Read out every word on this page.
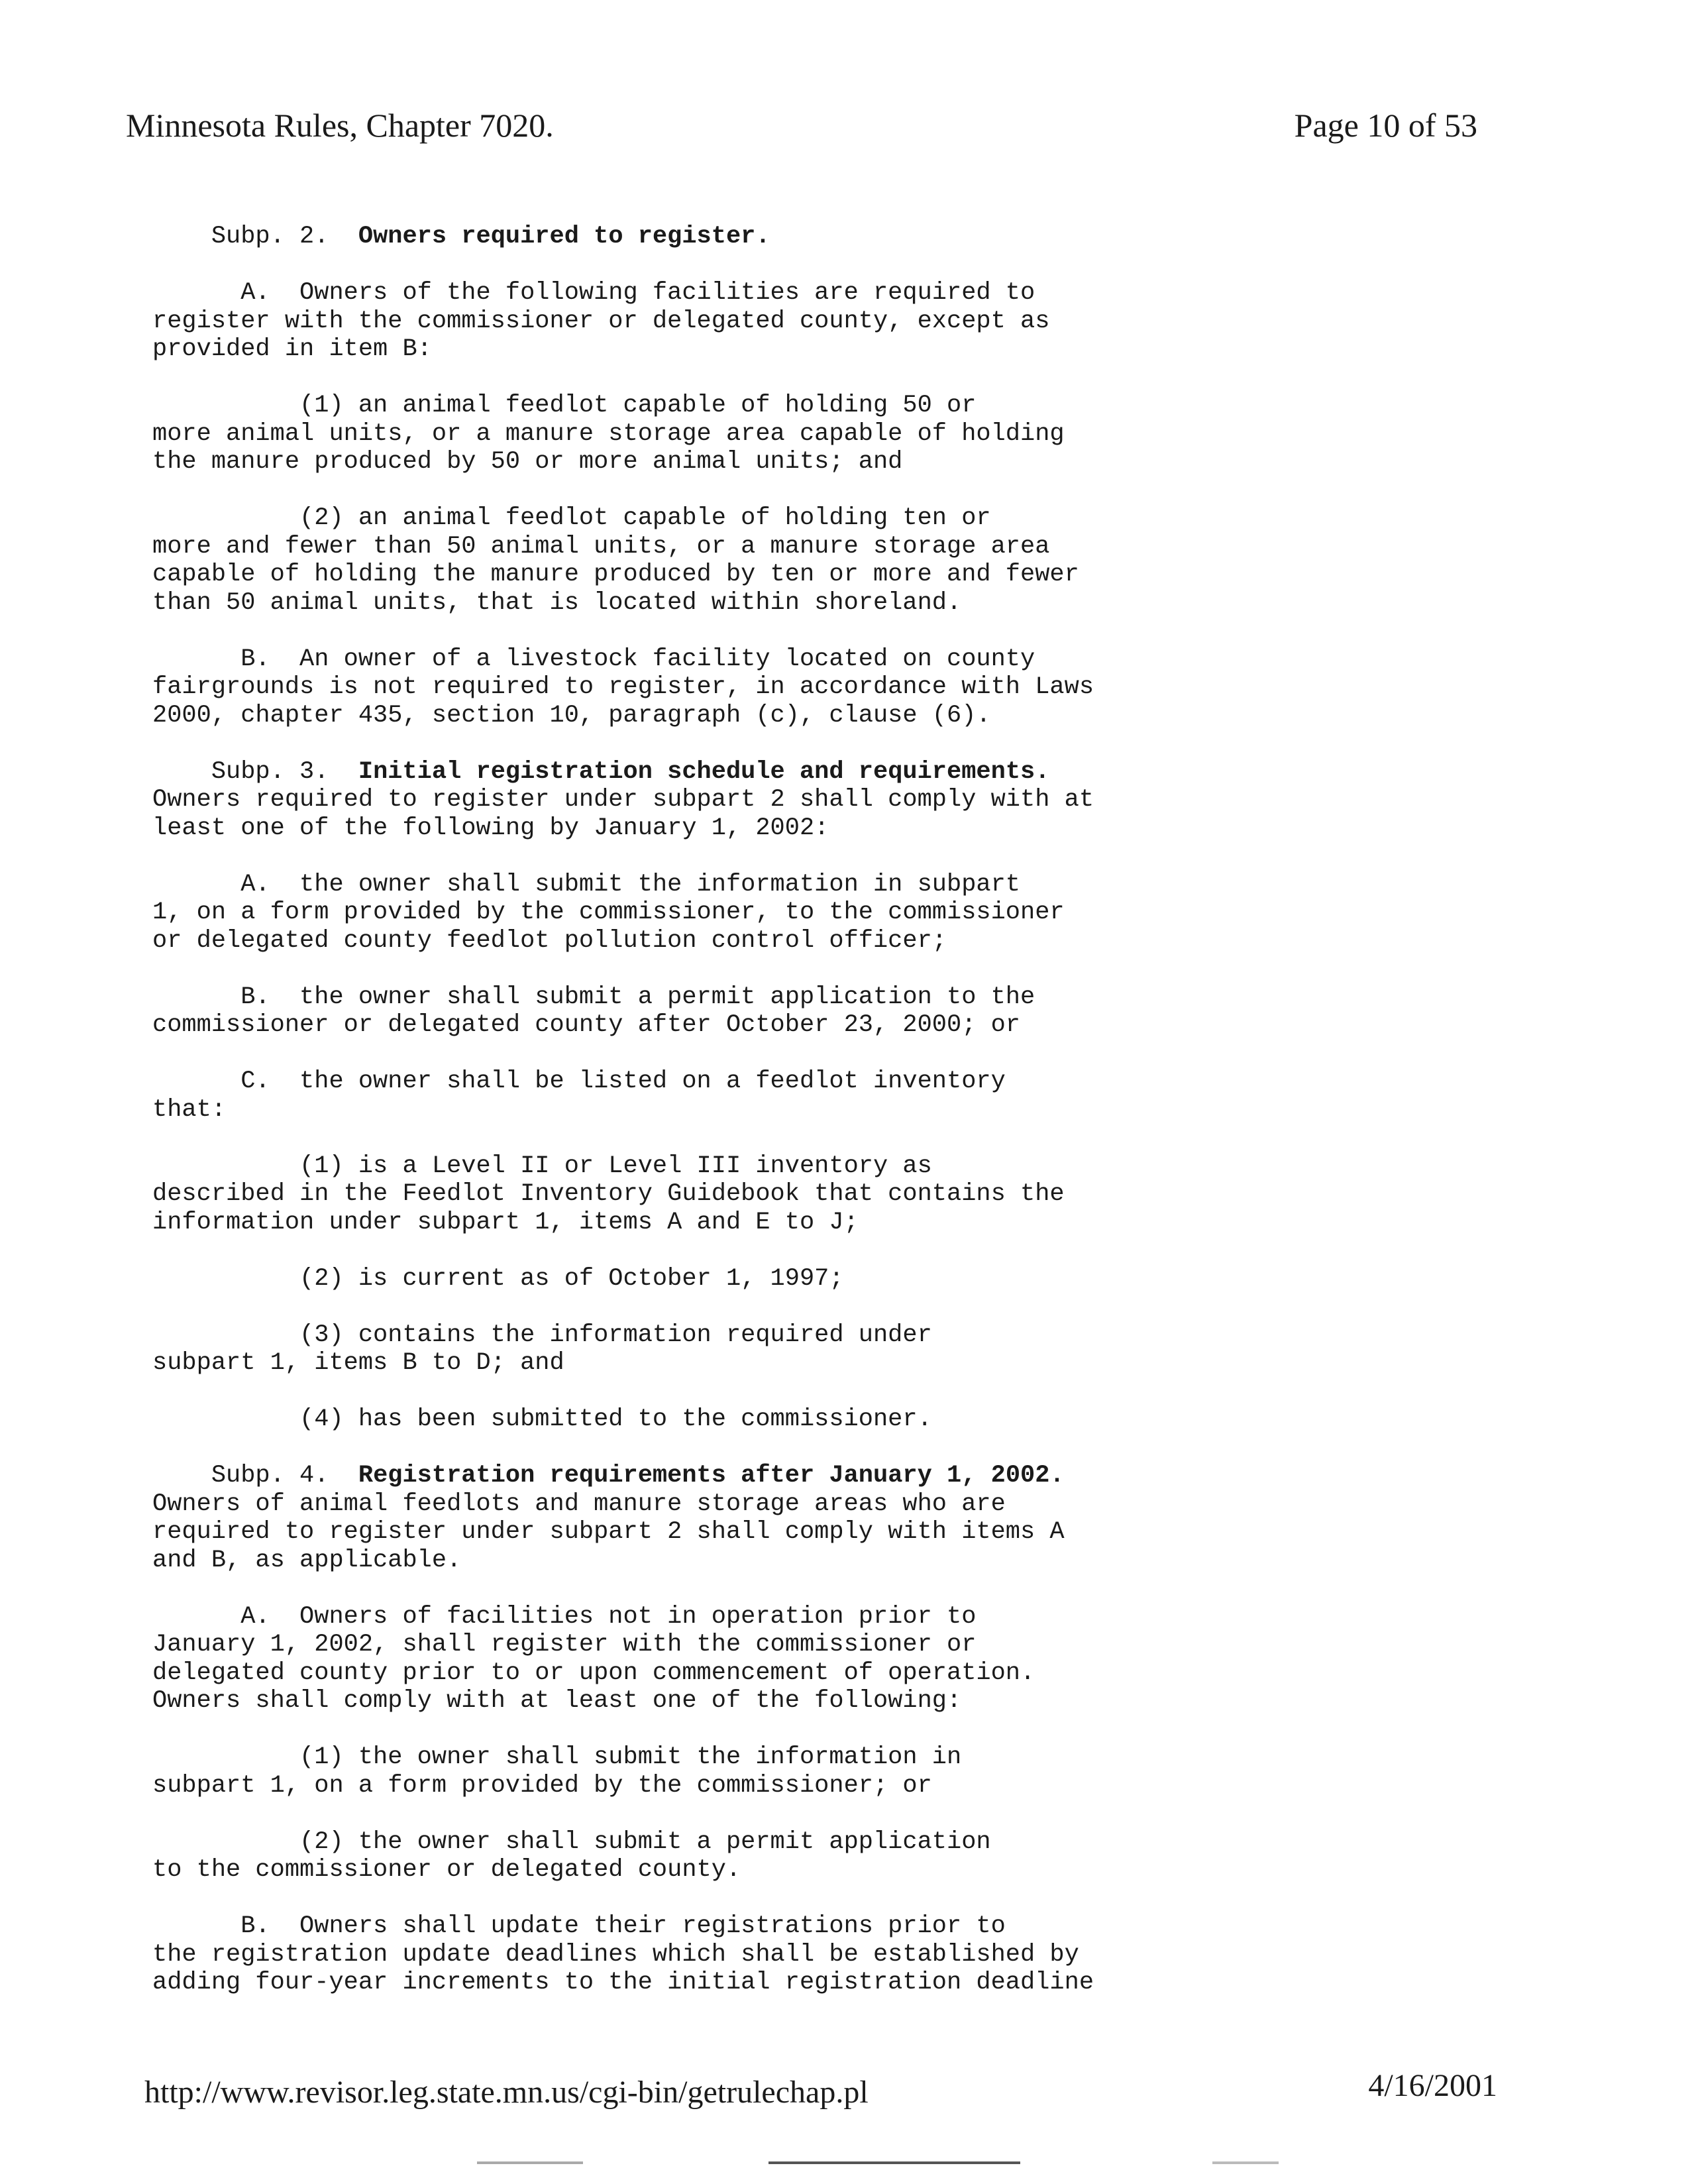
Minnesota Rules, Chapter 7020.	Page 10 of 53
Subp. 2.  Owners required to register.

A.  Owners of the following facilities are required to
register with the commissioner or delegated county, except as
provided in item B:
(1) an animal feedlot capable of holding 50 or
more animal units, or a manure storage area capable of holding
the manure produced by 50 or more animal units; and
(2) an animal feedlot capable of holding ten or
more and fewer than 50 animal units, or a manure storage area
capable of holding the manure produced by ten or more and fewer
than 50 animal units, that is located within shoreland.
B.  An owner of a livestock facility located on county
fairgrounds is not required to register, in accordance with Laws
2000, chapter 435, section 10, paragraph (c), clause (6).
Subp. 3.  Initial registration schedule and requirements.
Owners required to register under subpart 2 shall comply with at
least one of the following by January 1, 2002:
A.  the owner shall submit the information in subpart
1, on a form provided by the commissioner, to the commissioner
or delegated county feedlot pollution control officer;
B.  the owner shall submit a permit application to the
commissioner or delegated county after October 23, 2000; or
C.  the owner shall be listed on a feedlot inventory
that:
(1) is a Level II or Level III inventory as
described in the Feedlot Inventory Guidebook that contains the
information under subpart 1, items A and E to J;
(2) is current as of October 1, 1997;
(3) contains the information required under
subpart 1, items B to D; and
(4) has been submitted to the commissioner.
Subp. 4.  Registration requirements after January 1, 2002.
Owners of animal feedlots and manure storage areas who are
required to register under subpart 2 shall comply with items A
and B, as applicable.
A.  Owners of facilities not in operation prior to
January 1, 2002, shall register with the commissioner or
delegated county prior to or upon commencement of operation.
Owners shall comply with at least one of the following:
(1) the owner shall submit the information in
subpart 1, on a form provided by the commissioner; or
(2) the owner shall submit a permit application
to the commissioner or delegated county.
B.  Owners shall update their registrations prior to
the registration update deadlines which shall be established by
adding four-year increments to the initial registration deadline
http://www.revisor.leg.state.mn.us/cgi-bin/getrulechap.pl	4/16/2001
